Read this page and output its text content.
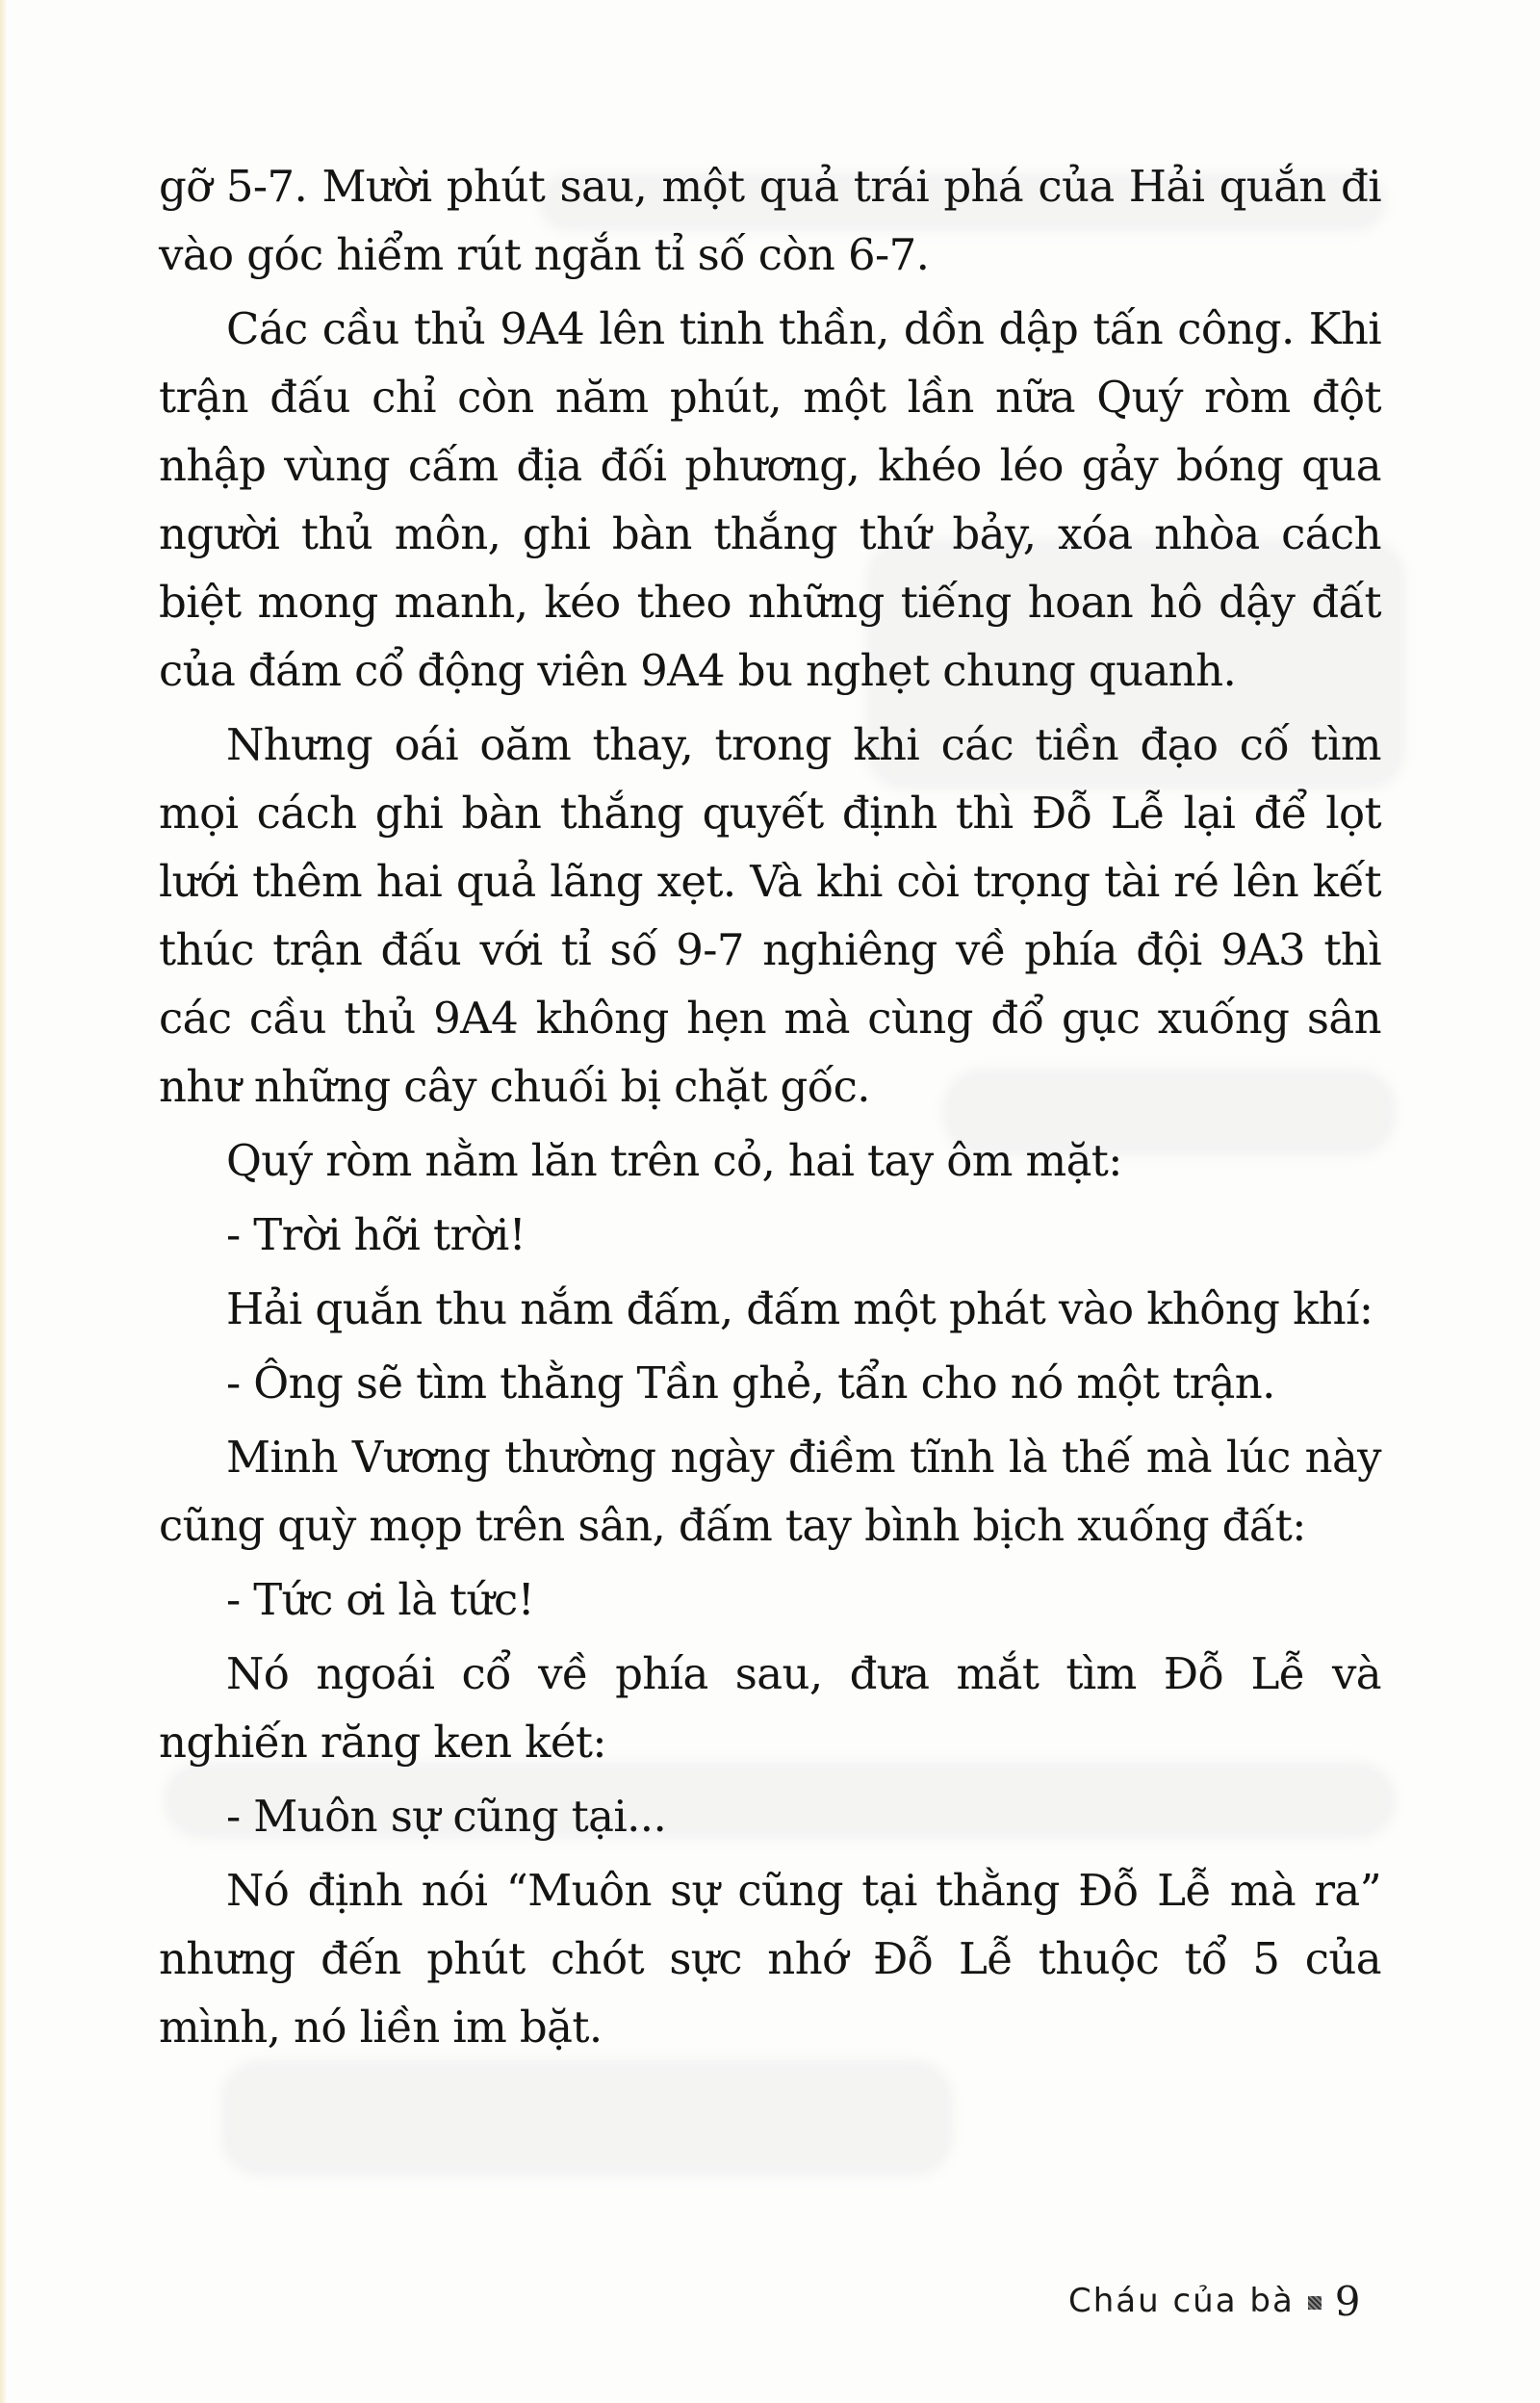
gỡ 5-7. Mười phút sau, một quả trái phá của Hải quắn đi vào góc hiểm rút ngắn tỉ số còn 6-7.

Các cầu thủ 9A4 lên tinh thần, dồn dập tấn công. Khi trận đấu chỉ còn năm phút, một lần nữa Quý ròm đột nhập vùng cấm địa đối phương, khéo léo gảy bóng qua người thủ môn, ghi bàn thắng thứ bảy, xóa nhòa cách biệt mong manh, kéo theo những tiếng hoan hô dậy đất của đám cổ động viên 9A4 bu nghẹt chung quanh.

Nhưng oái oăm thay, trong khi các tiền đạo cố tìm mọi cách ghi bàn thắng quyết định thì Đỗ Lễ lại để lọt lưới thêm hai quả lãng xẹt. Và khi còi trọng tài ré lên kết thúc trận đấu với tỉ số 9-7 nghiêng về phía đội 9A3 thì các cầu thủ 9A4 không hẹn mà cùng đổ gục xuống sân như những cây chuối bị chặt gốc.

Quý ròm nằm lăn trên cỏ, hai tay ôm mặt:

- Trời hỡi trời!

Hải quắn thu nắm đấm, đấm một phát vào không khí:

- Ông sẽ tìm thằng Tần ghẻ, tẩn cho nó một trận.

Minh Vương thường ngày điềm tĩnh là thế mà lúc này cũng quỳ mọp trên sân, đấm tay bình bịch xuống đất:

- Tức ơi là tức!

Nó ngoái cổ về phía sau, đưa mắt tìm Đỗ Lễ và nghiến răng ken két:

- Muôn sự cũng tại...

Nó định nói “Muôn sự cũng tại thằng Đỗ Lễ mà ra” nhưng đến phút chót sực nhớ Đỗ Lễ thuộc tổ 5 của mình, nó liền im bặt.

Cháu của bà 9
